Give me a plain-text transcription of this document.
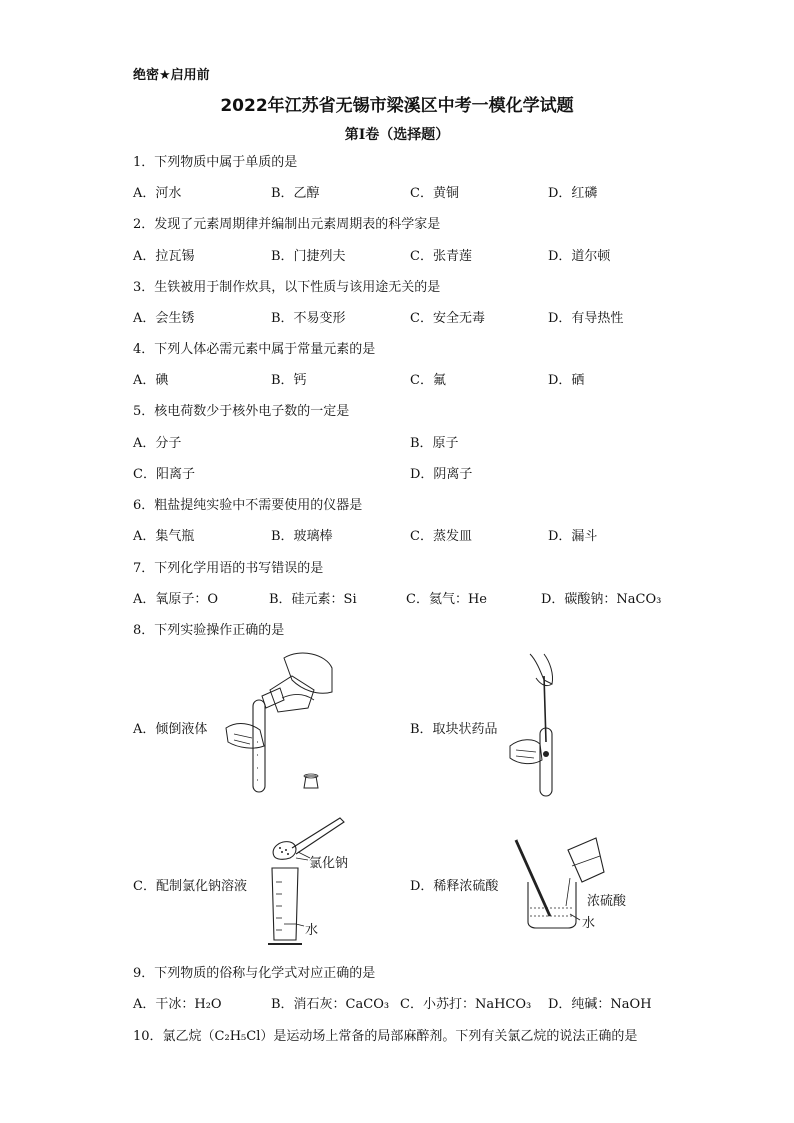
绝密★启用前
2022年江苏省无锡市梁溪区中考一模化学试题
第I卷（选择题）
1．下列物质中属于单质的是
A．河水	B．乙醇	C．黄铜	D．红磷
2．发现了元素周期律并编制出元素周期表的科学家是
A．拉瓦锡	B．门捷列夫	C．张青莲	D．道尔顿
3．生铁被用于制作炊具，以下性质与该用途无关的是
A．会生锈	B．不易变形	C．安全无毒	D．有导热性
4．下列人体必需元素中属于常量元素的是
A．碘	B．钙	C．氟	D．硒
5．核电荷数少于核外电子数的一定是
A．分子	B．原子
C．阳离子	D．阴离子
6．粗盐提纯实验中不需要使用的仪器是
A．集气瓶	B．玻璃棒	C．蒸发皿	D．漏斗
7．下列化学用语的书写错误的是
A．氧原子：O	B．硅元素：Si	C．氦气：He	D．碳酸钠：NaCO₃
8．下列实验操作正确的是
A．倾倒液体	B．取块状药品
C．配制氯化钠溶液	D．稀释浓硫酸
氯化钠
水
浓硫酸
水
9．下列物质的俗称与化学式对应正确的是
A．干冰：H₂O	B．消石灰：CaCO₃ C．小苏打：NaHCO₃ D．纯碱：NaOH
10．氯乙烷（C₂H₅Cl）是运动场上常备的局部麻醉剂。下列有关氯乙烷的说法正确的是
